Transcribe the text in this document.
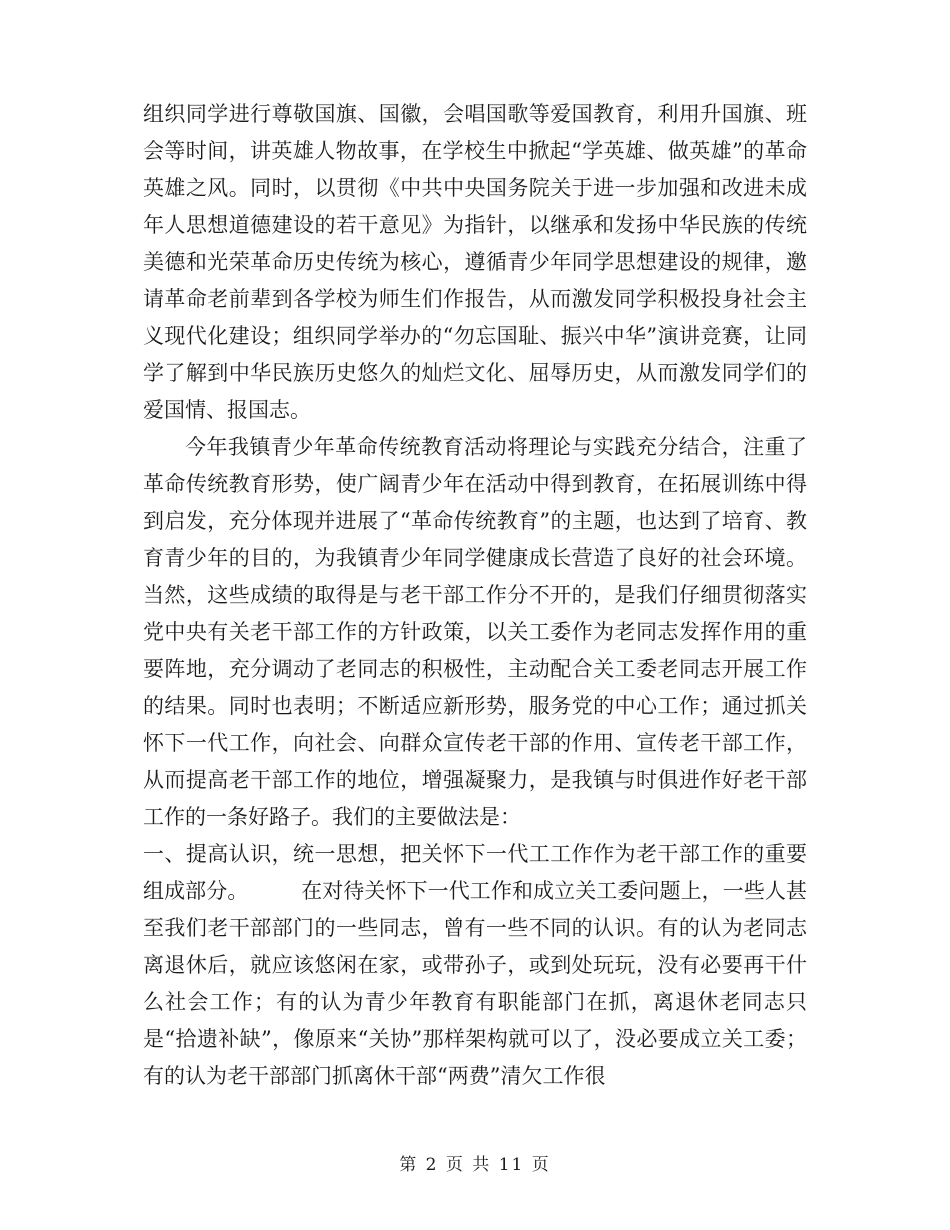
组织同学进行尊敬国旗、国徽，会唱国歌等爱国教育，利用升国旗、班会等时间，讲英雄人物故事，在学校生中掀起“学英雄、做英雄”的革命英雄之风。同时，以贯彻《中共中央国务院关于进一步加强和改进未成年人思想道德建设的若干意见》为指针，以继承和发扬中华民族的传统美德和光荣革命历史传统为核心，遵循青少年同学思想建设的规律，邀请革命老前辈到各学校为师生们作报告，从而激发同学积极投身社会主义现代化建设；组织同学举办的“勿忘国耻、振兴中华”演讲竞赛，让同学了解到中华民族历史悠久的灿烂文化、屈辱历史，从而激发同学们的爱国情、报国志。

今年我镇青少年革命传统教育活动将理论与实践充分结合，注重了革命传统教育形势，使广阔青少年在活动中得到教育，在拓展训练中得到启发，充分体现并进展了“革命传统教育”的主题，也达到了培育、教育青少年的目的，为我镇青少年同学健康成长营造了良好的社会环境。 当然，这些成绩的取得是与老干部工作分不开的，是我们仔细贯彻落实党中央有关老干部工作的方针政策，以关工委作为老同志发挥作用的重要阵地，充分调动了老同志的积极性，主动配合关工委老同志开展工作的结果。同时也表明；不断适应新形势，服务党的中心工作；通过抓关怀下一代工作，向社会、向群众宣传老干部的作用、宣传老干部工作，从而提高老干部工作的地位，增强凝聚力，是我镇与时俱进作好老干部工作的一条好路子。我们的主要做法是：

一、提高认识，统一思想，把关怀下一代工工作作为老干部工作的重要组成部分。　　　在对待关怀下一代工作和成立关工委问题上，一些人甚至我们老干部部门的一些同志，曾有一些不同的认识。有的认为老同志离退休后，就应该悠闲在家，或带孙子，或到处玩玩，没有必要再干什么社会工作；有的认为青少年教育有职能部门在抓，离退休老同志只是“拾遗补缺”，像原来“关协”那样架构就可以了，没必要成立关工委；有的认为老干部部门抓离休干部“两费”清欠工作很

第 2 页 共 11 页
